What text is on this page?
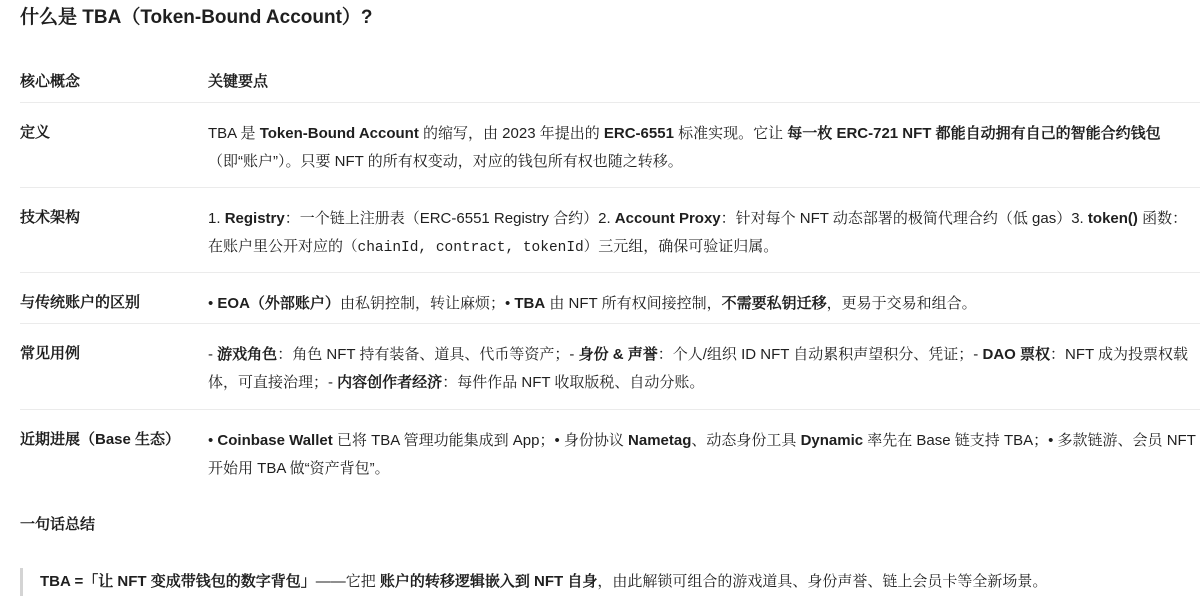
什么是 TBA（Token-Bound Account）?
核心概念	关键要点
定义	TBA 是 Token-Bound Account 的缩写，由 2023 年提出的 ERC-6551 标准实现。它让 每一枚 ERC-721 NFT 都能自动拥有自己的智能合约钱包（即“账户”）。只要 NFT 的所有权变动，对应的钱包所有权也随之转移。
技术架构	1. Registry：一个链上注册表（ERC-6551 Registry 合约）2. Account Proxy：针对每个 NFT 动态部署的极简代理合约（低 gas）3. token() 函数：在账户里公开对应的（chainId, contract, tokenId）三元组，确保可验证归属。
与传统账户的区别	• EOA（外部账户）由私钥控制，转让麻烦；• TBA 由 NFT 所有权间接控制，不需要私钥迁移，更易于交易和组合。
常见用例	- 游戏角色：角色 NFT 持有装备、道具、代币等资产；- 身份 & 声誉：个人/组织 ID NFT 自动累积声望积分、凭证；- DAO 票权：NFT 成为投票权载体，可直接治理；- 内容创作者经济：每件作品 NFT 收取版税、自动分账。
近期进展（Base 生态）	• Coinbase Wallet 已将 TBA 管理功能集成到 App；• 身份协议 Nametag、动态身份工具 Dynamic 率先在 Base 链支持 TBA；• 多款链游、会员 NFT 开始用 TBA 做“资产背包”。
一句话总结
TBA =「让 NFT 变成带钱包的数字背包」——它把 账户的转移逻辑嵌入到 NFT 自身，由此解锁可组合的游戏道具、身份声誉、链上会员卡等全新场景。
